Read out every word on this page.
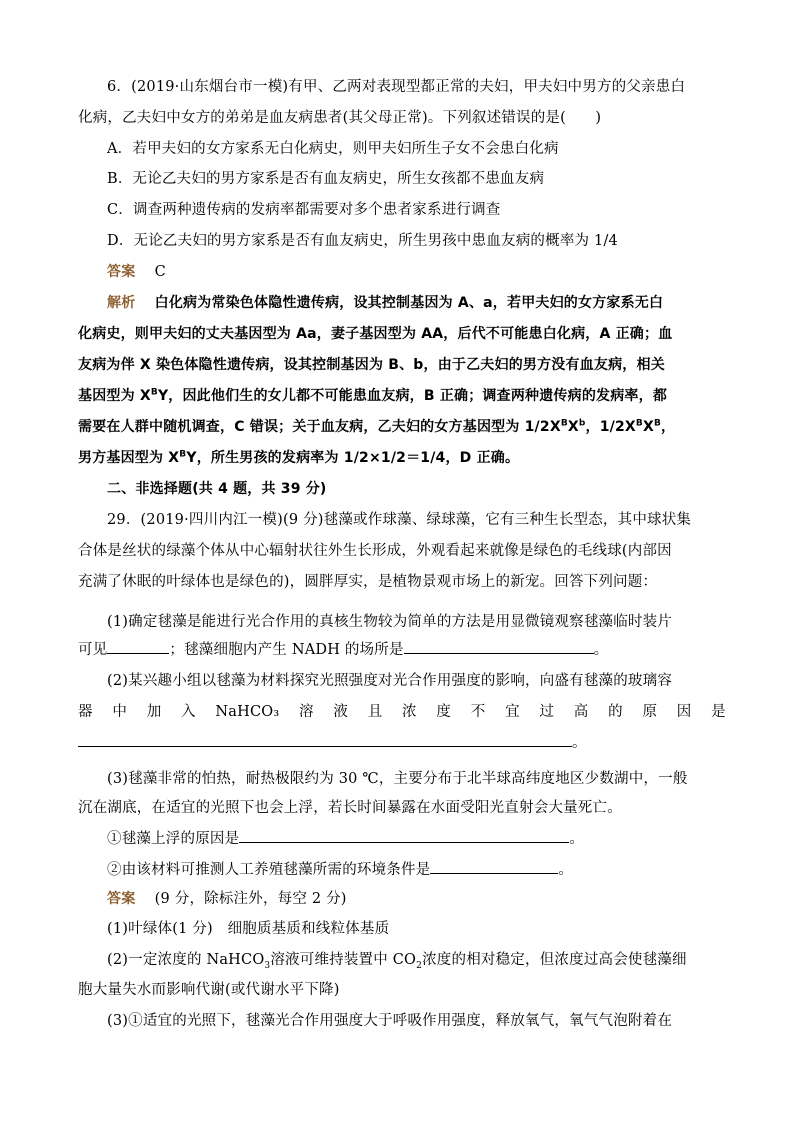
6．(2019·山东烟台市一模)有甲、乙两对表现型都正常的夫妇，甲夫妇中男方的父亲患白
化病，乙夫妇中女方的弟弟是血友病患者(其父母正常)。下列叙述错误的是(　　)
A．若甲夫妇的女方家系无白化病史，则甲夫妇所生子女不会患白化病
B．无论乙夫妇的男方家系是否有血友病史，所生女孩都不患血友病
C．调查两种遗传病的发病率都需要对多个患者家系进行调查
D．无论乙夫妇的男方家系是否有血友病史，所生男孩中患血友病的概率为 1/4
答案 C
解析 白化病为常染色体隐性遗传病，设其控制基因为 A、a，若甲夫妇的女方家系无白
化病史，则甲夫妇的丈夫基因型为 Aa，妻子基因型为 AA，后代不可能患白化病，A 正确；血
友病为伴 X 染色体隐性遗传病，设其控制基因为 B、b，由于乙夫妇的男方没有血友病，相关
基因型为 $X^BY$，因此他们生的女儿都不可能患血友病，B 正确；调查两种遗传病的发病率，都
需要在人群中随机调查，C 错误；关于血友病，乙夫妇的女方基因型为 $1/2X^BX^b$，$1/2X^BX^B$，
男方基因型为 $X^BY$，所生男孩的发病率为 1/2×1/2＝1/4，D 正确。
二、非选择题(共 4 题，共 39 分)
29．(2019·四川内江一模)(9 分)毬藻或作球藻、绿球藻，它有三种生长型态，其中球状集
合体是丝状的绿藻个体从中心辐射状往外生长形成，外观看起来就像是绿色的毛线球(内部因
充满了休眠的叶绿体也是绿色的)，圆胖厚实，是植物景观市场上的新宠。回答下列问题：
(1)确定毬藻是能进行光合作用的真核生物较为简单的方法是用显微镜观察毬藻临时装片
可见	；毬藻细胞内产生 NADH 的场所是	。
(2)某兴趣小组以毬藻为材料探究光照强度对光合作用强度的影响，向盛有毬藻的玻璃容
器 中 加 入 NaHCO₃ 溶 液 且 浓 度 不 宜 过 高 的 原 因 是
。
(3)毬藻非常的怕热，耐热极限约为 30 ℃，主要分布于北半球高纬度地区少数湖中，一般
沉在湖底，在适宜的光照下也会上浮，若长时间暴露在水面受阳光直射会大量死亡。
①毬藻上浮的原因是	。
②由该材料可推测人工养殖毬藻所需的环境条件是	。
答案 (9 分，除标注外，每空 2 分)
(1)叶绿体(1 分)　细胞质基质和线粒体基质
(2)一定浓度的 NaHCO$_3$溶液可维持装置中 $CO_2$浓度的相对稳定，但浓度过高会使毬藻细
胞大量失水而影响代谢(或代谢水平下降)
(3)①适宜的光照下，毬藻光合作用强度大于呼吸作用强度，释放氧气，氧气气泡附着在
